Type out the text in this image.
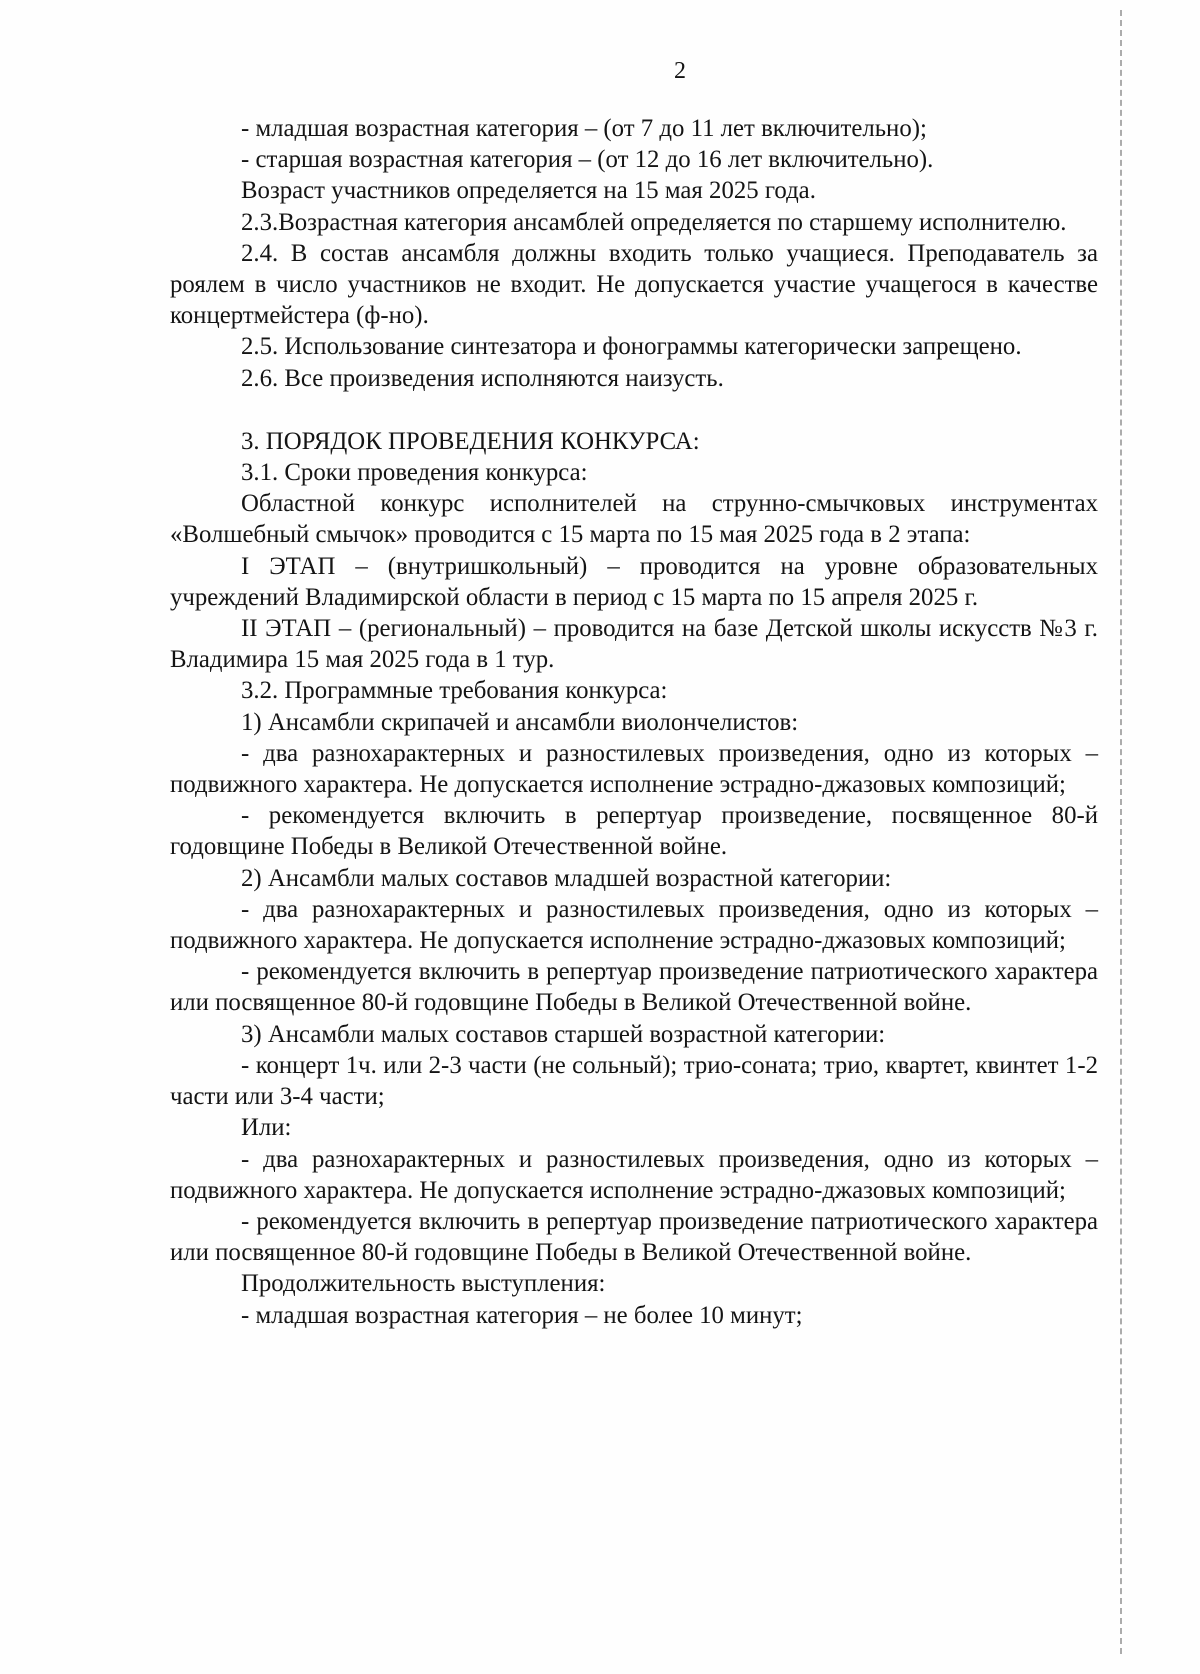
2

- младшая возрастная категория – (от 7 до 11 лет включительно);

- старшая возрастная категория – (от 12 до 16 лет включительно).

Возраст участников определяется на 15 мая 2025 года.

2.3.Возрастная категория ансамблей определяется по старшему исполнителю.

2.4. В состав ансамбля должны входить только учащиеся. Преподаватель за роялем в число участников не входит. Не допускается участие учащегося в качестве концертмейстера (ф-но).

2.5. Использование синтезатора и фонограммы категорически запрещено.

2.6. Все произведения исполняются наизусть.

3. ПОРЯДОК ПРОВЕДЕНИЯ КОНКУРСА:

3.1. Сроки проведения конкурса:

Областной конкурс исполнителей на струнно-смычковых инструментах «Волшебный смычок» проводится с 15 марта по 15 мая 2025 года в 2 этапа:

I ЭТАП – (внутришкольный) – проводится на уровне образовательных учреждений Владимирской области в период с 15 марта по 15 апреля 2025 г.

II ЭТАП – (региональный) – проводится на базе Детской школы искусств №3 г. Владимира 15 мая 2025 года в 1 тур.

3.2. Программные требования конкурса:

1) Ансамбли скрипачей и ансамбли виолончелистов:

- два разнохарактерных и разностилевых произведения, одно из которых – подвижного характера. Не допускается исполнение эстрадно-джазовых композиций;

- рекомендуется включить в репертуар произведение, посвященное 80-й годовщине Победы в Великой Отечественной войне.

2) Ансамбли малых составов младшей возрастной категории:

- два разнохарактерных и разностилевых произведения, одно из которых – подвижного характера. Не допускается исполнение эстрадно-джазовых композиций;

- рекомендуется включить в репертуар произведение патриотического характера или посвященное 80-й годовщине Победы в Великой Отечественной войне.

3) Ансамбли малых составов старшей возрастной категории:

- концерт 1ч. или 2-3 части (не сольный); трио-соната; трио, квартет, квинтет 1-2 части или 3-4 части;

Или:

- два разнохарактерных и разностилевых произведения, одно из которых – подвижного характера. Не допускается исполнение эстрадно-джазовых композиций;

- рекомендуется включить в репертуар произведение патриотического характера или посвященное 80-й годовщине Победы в Великой Отечественной войне.

Продолжительность выступления:

- младшая возрастная категория – не более 10 минут;
